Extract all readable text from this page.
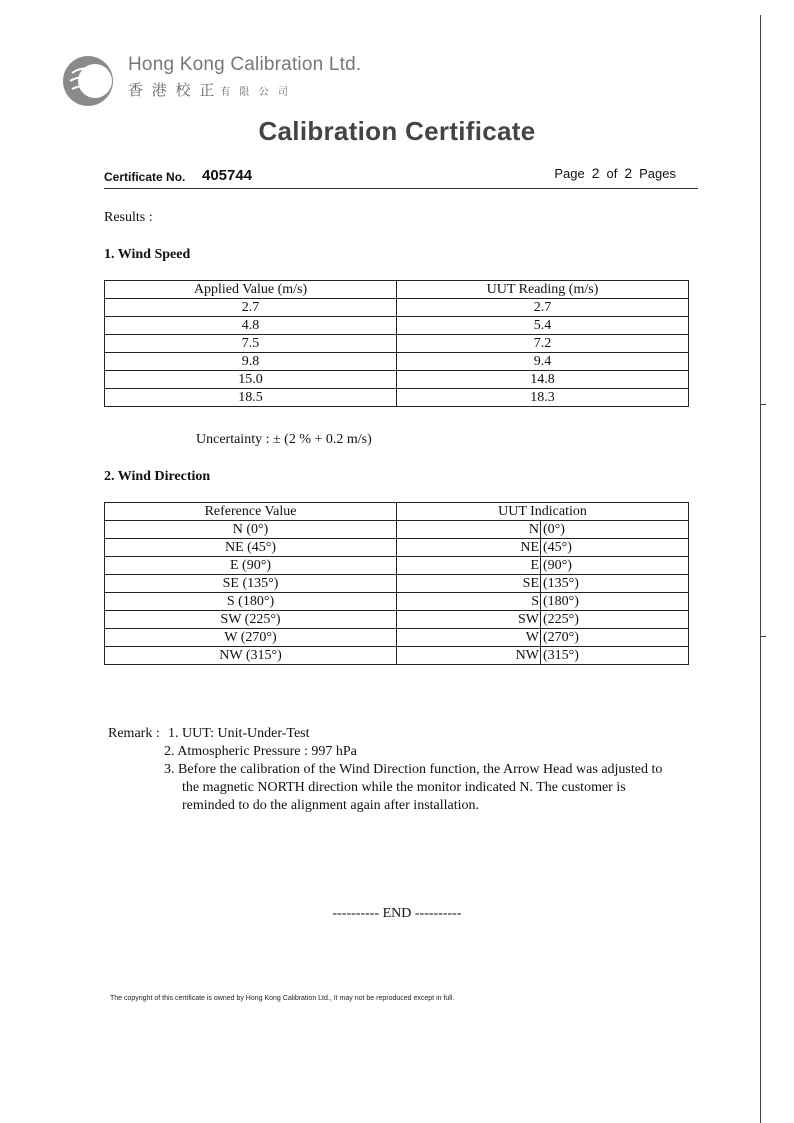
Hong Kong Calibration Ltd.
香 港 校 正 有 限 公 司
Calibration Certificate
Certificate No. 405744	Page 2 of 2 Pages
Results :
1. Wind Speed
Applied Value (m/s)	UUT Reading (m/s)
2.7	2.7
4.8	5.4
7.5	7.2
9.8	9.4
15.0	14.8
18.5	18.3
Uncertainty : ± (2 % + 0.2 m/s)
2. Wind Direction
Reference Value	UUT Indication
N (0°)	N (0°)

NE (45°)	NE (45°)

E (90°)	E (90°)

SE (135°)	SE (135°)

S (180°)	S (180°)

SW (225°)	SW (225°)

W (270°)	W (270°)

NW (315°)	NW (315°)
Remark : 1. UUT: Unit-Under-Test
2. Atmospheric Pressure : 997 hPa
3. Before the calibration of the Wind Direction function, the Arrow Head was adjusted to
the magnetic NORTH direction while the monitor indicated N. The customer is
reminded to do the alignment again after installation.
---------- END ----------
The copyright of this certificate is owned by Hong Kong Calibration Ltd., It may not be reproduced except in full.
